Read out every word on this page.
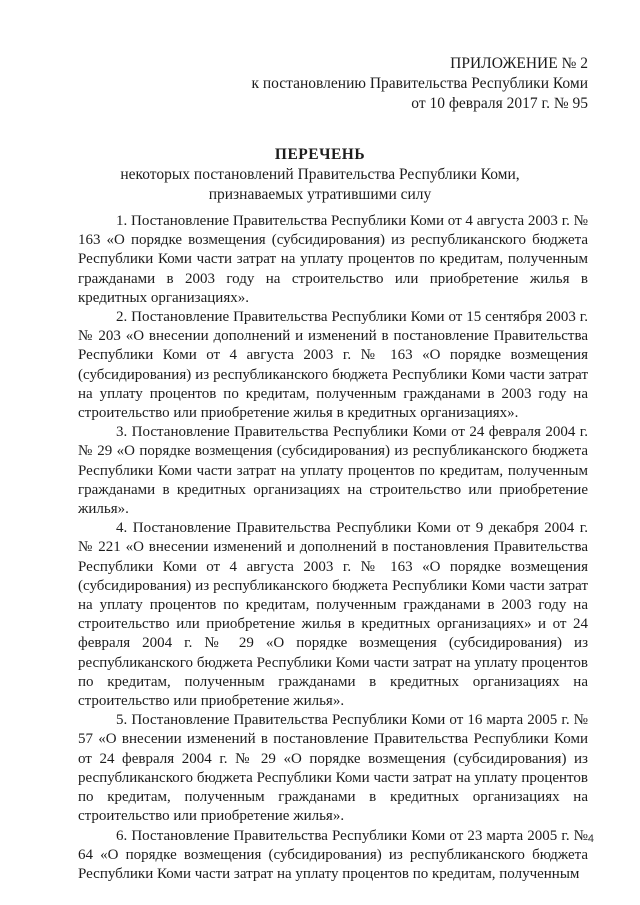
ПРИЛОЖЕНИЕ № 2
к постановлению Правительства Республики Коми
от 10 февраля 2017 г. № 95
ПЕРЕЧЕНЬ
некоторых постановлений Правительства Республики Коми,
признаваемых утратившими силу

1. Постановление Правительства Республики Коми от 4 августа 2003 г. № 163 «О порядке возмещения (субсидирования) из республиканского бюджета Республики Коми части затрат на уплату процентов по кредитам, полученным гражданами в 2003 году на строительство или приобретение жилья в кредитных организациях».

2. Постановление Правительства Республики Коми от 15 сентября 2003 г. № 203 «О внесении дополнений и изменений в постановление Правительства Республики Коми от 4 августа 2003 г. № 163 «О порядке возмещения (субсидирования) из республиканского бюджета Республики Коми части затрат на уплату процентов по кредитам, полученным гражданами в 2003 году на строительство или приобретение жилья в кредитных организациях».

3. Постановление Правительства Республики Коми от 24 февраля 2004 г. № 29 «О порядке возмещения (субсидирования) из республиканского бюджета Республики Коми части затрат на уплату процентов по кредитам, полученным гражданами в кредитных организациях на строительство или приобретение жилья».

4. Постановление Правительства Республики Коми от 9 декабря 2004 г. № 221 «О внесении изменений и дополнений в постановления Правительства Республики Коми от 4 августа 2003 г. № 163 «О порядке возмещения (субсидирования) из республиканского бюджета Республики Коми части затрат на уплату процентов по кредитам, полученным гражданами в 2003 году на строительство или приобретение жилья в кредитных организациях» и от 24 февраля 2004 г. № 29 «О порядке возмещения (субсидирования) из республиканского бюджета Республики Коми части затрат на уплату процентов по кредитам, полученным гражданами в кредитных организациях на строительство или приобретение жилья».

5. Постановление Правительства Республики Коми от 16 марта 2005 г. № 57 «О внесении изменений в постановление Правительства Республики Коми от 24 февраля 2004 г. № 29 «О порядке возмещения (субсидирования) из республиканского бюджета Республики Коми части затрат на уплату процентов по кредитам, полученным гражданами в кредитных организациях на строительство или приобретение жилья».

6. Постановление Правительства Республики Коми от 23 марта 2005 г. № 64 «О порядке возмещения (субсидирования) из республиканского бюджета Республики Коми части затрат на уплату процентов по кредитам, полученным

4
